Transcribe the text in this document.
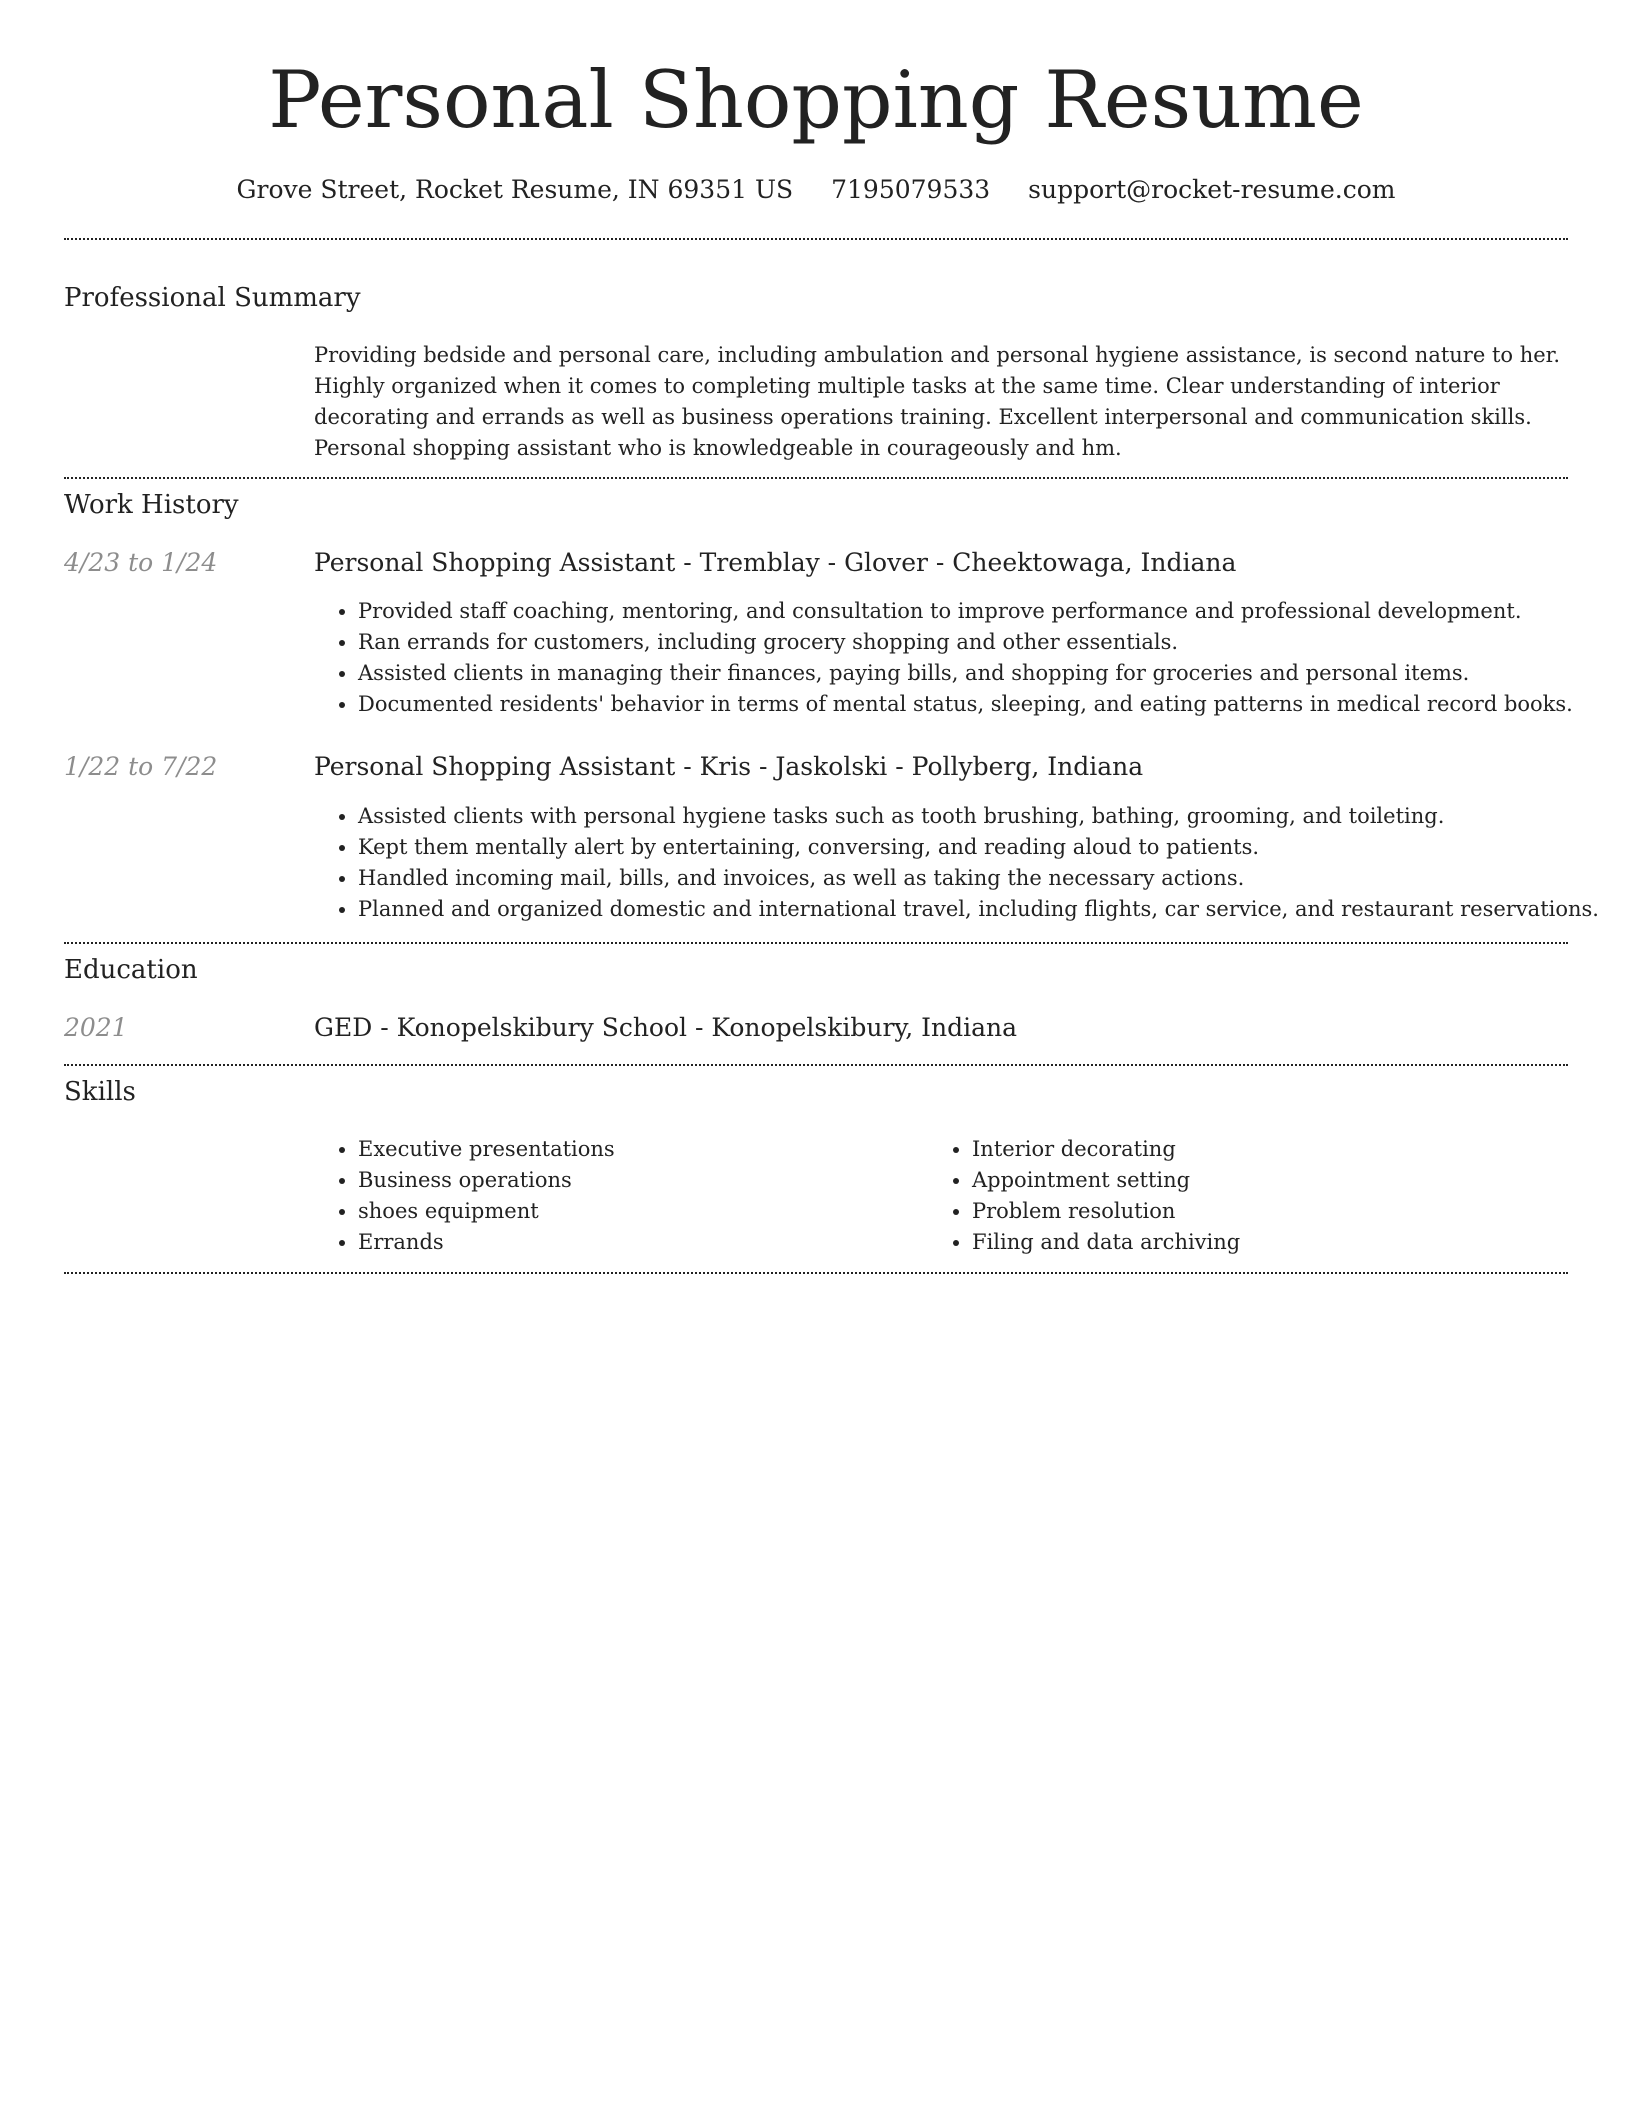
Personal Shopping Resume
Grove Street, Rocket Resume, IN 69351 US 7195079533 support@rocket-resume.com
Professional Summary
Providing bedside and personal care, including ambulation and personal hygiene assistance, is second nature to her. Highly organized when it comes to completing multiple tasks at the same time. Clear understanding of interior decorating and errands as well as business operations training. Excellent interpersonal and communication skills. Personal shopping assistant who is knowledgeable in courageously and hm.
Work History
4/23 to 1/24	Personal Shopping Assistant - Tremblay - Glover - Cheektowaga, Indiana
• Provided staff coaching, mentoring, and consultation to improve performance and professional development.
• Ran errands for customers, including grocery shopping and other essentials.
• Assisted clients in managing their finances, paying bills, and shopping for groceries and personal items.
• Documented residents' behavior in terms of mental status, sleeping, and eating patterns in medical record books.
1/22 to 7/22	Personal Shopping Assistant - Kris - Jaskolski - Pollyberg, Indiana
• Assisted clients with personal hygiene tasks such as tooth brushing, bathing, grooming, and toileting.
• Kept them mentally alert by entertaining, conversing, and reading aloud to patients.
• Handled incoming mail, bills, and invoices, as well as taking the necessary actions.
• Planned and organized domestic and international travel, including flights, car service, and restaurant reservations.
Education
2021	GED - Konopelskibury School - Konopelskibury, Indiana
Skills
• Executive presentations
• Business operations
• shoes equipment
• Errands
• Interior decorating
• Appointment setting
• Problem resolution
• Filing and data archiving
